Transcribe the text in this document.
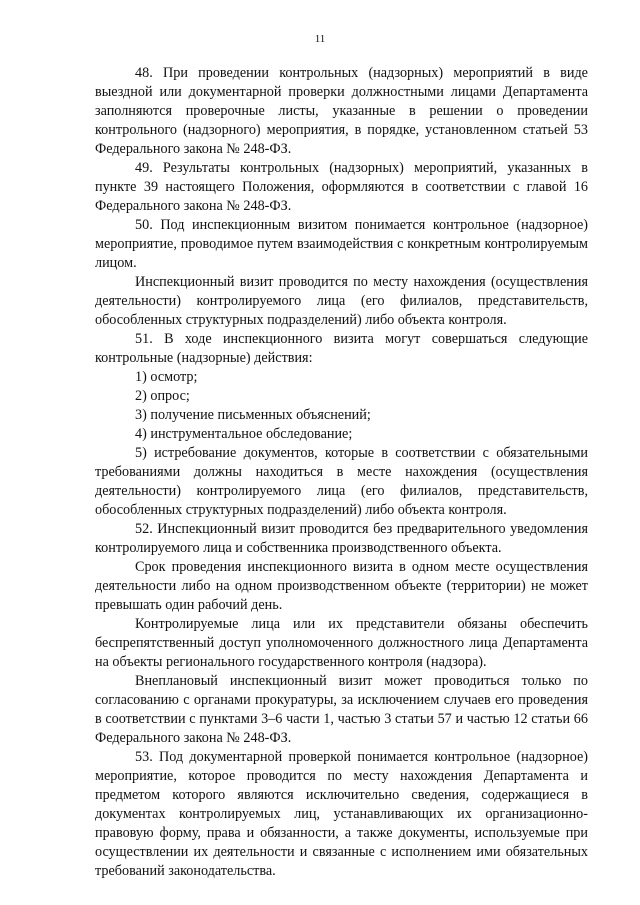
11

48. При проведении контрольных (надзорных) мероприятий в виде выездной или документарной проверки должностными лицами Департамента заполняются проверочные листы, указанные в решении о проведении контрольного (надзорного) мероприятия, в порядке, установленном статьей 53 Федерального закона № 248-ФЗ.

49. Результаты контрольных (надзорных) мероприятий, указанных в пункте 39 настоящего Положения, оформляются в соответствии с главой 16 Федерального закона № 248-ФЗ.

50. Под инспекционным визитом понимается контрольное (надзорное) мероприятие, проводимое путем взаимодействия с конкретным контролируемым лицом.

Инспекционный визит проводится по месту нахождения (осуществления деятельности) контролируемого лица (его филиалов, представительств, обособленных структурных подразделений) либо объекта контроля.

51. В ходе инспекционного визита могут совершаться следующие контрольные (надзорные) действия:

1) осмотр;

2) опрос;

3) получение письменных объяснений;

4) инструментальное обследование;

5) истребование документов, которые в соответствии с обязательными требованиями должны находиться в месте нахождения (осуществления деятельности) контролируемого лица (его филиалов, представительств, обособленных структурных подразделений) либо объекта контроля.

52. Инспекционный визит проводится без предварительного уведомления контролируемого лица и собственника производственного объекта.

Срок проведения инспекционного визита в одном месте осуществления деятельности либо на одном производственном объекте (территории) не может превышать один рабочий день.

Контролируемые лица или их представители обязаны обеспечить беспрепятственный доступ уполномоченного должностного лица Департамента на объекты регионального государственного контроля (надзора).

Внеплановый инспекционный визит может проводиться только по согласованию с органами прокуратуры, за исключением случаев его проведения в соответствии с пунктами 3–6 части 1, частью 3 статьи 57 и частью 12 статьи 66 Федерального закона № 248-ФЗ.

53. Под документарной проверкой понимается контрольное (надзорное) мероприятие, которое проводится по месту нахождения Департамента и предметом которого являются исключительно сведения, содержащиеся в документах контролируемых лиц, устанавливающих их организационно-правовую форму, права и обязанности, а также документы, используемые при осуществлении их деятельности и связанные с исполнением ими обязательных требований законодательства.
